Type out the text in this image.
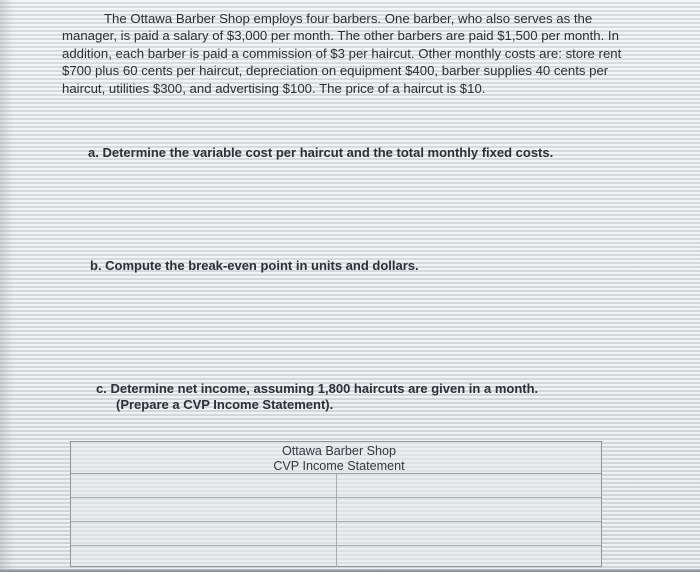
The Ottawa Barber Shop employs four barbers. One barber, who also serves as the manager, is paid a salary of $3,000 per month. The other barbers are paid $1,500 per month. In addition, each barber is paid a commission of $3 per haircut. Other monthly costs are: store rent $700 plus 60 cents per haircut, depreciation on equipment $400, barber supplies 40 cents per haircut, utilities $300, and advertising $100. The price of a haircut is $10.

a. Determine the variable cost per haircut and the total monthly fixed costs.

b. Compute the break-even point in units and dollars.

c. Determine net income, assuming 1,800 haircuts are given in a month.
(Prepare a CVP Income Statement).

Ottawa Barber Shop
CVP Income Statement
